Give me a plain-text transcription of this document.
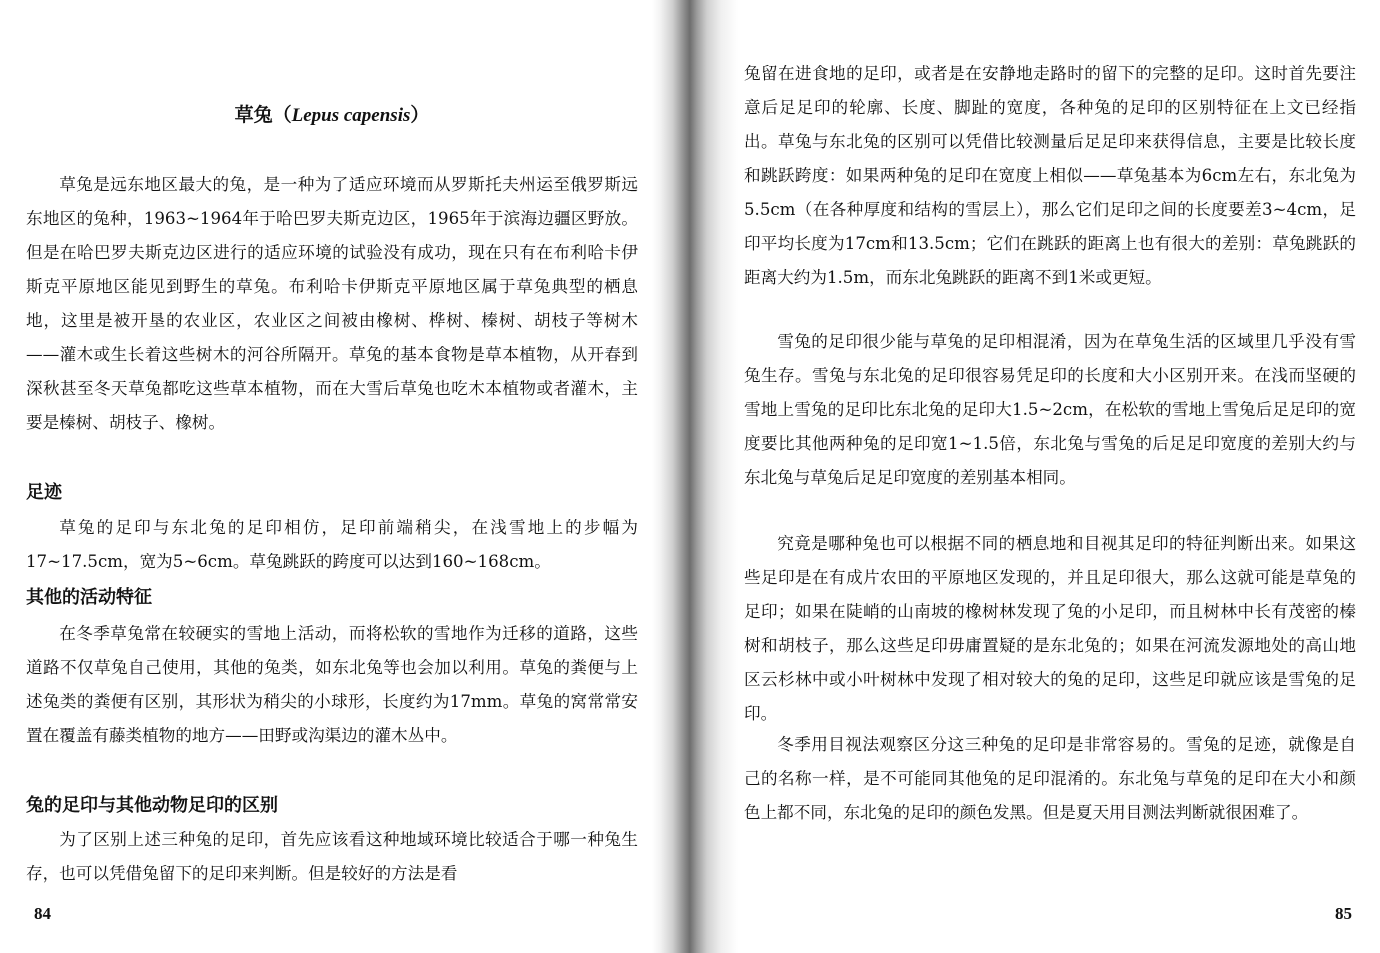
草兔（Lepus capensis）

草兔是远东地区最大的兔，是一种为了适应环境而从罗斯托夫州运至俄罗斯远东地区的兔种，1963~1964年于哈巴罗夫斯克边区，1965年于滨海边疆区野放。但是在哈巴罗夫斯克边区进行的适应环境的试验没有成功，现在只有在布利哈卡伊斯克平原地区能见到野生的草兔。布利哈卡伊斯克平原地区属于草兔典型的栖息地，这里是被开垦的农业区，农业区之间被由橡树、桦树、榛树、胡枝子等树木——灌木或生长着这些树木的河谷所隔开。草兔的基本食物是草本植物，从开春到深秋甚至冬天草兔都吃这些草本植物，而在大雪后草兔也吃木本植物或者灌木，主要是榛树、胡枝子、橡树。

足迹

草兔的足印与东北兔的足印相仿，足印前端稍尖，在浅雪地上的步幅为17~17.5cm，宽为5~6cm。草兔跳跃的跨度可以达到160~168cm。

其他的活动特征

在冬季草兔常在较硬实的雪地上活动，而将松软的雪地作为迁移的道路，这些道路不仅草兔自己使用，其他的兔类，如东北兔等也会加以利用。草兔的粪便与上述兔类的粪便有区别，其形状为稍尖的小球形，长度约为17mm。草兔的窝常常安置在覆盖有藤类植物的地方——田野或沟渠边的灌木丛中。

兔的足印与其他动物足印的区别

为了区别上述三种兔的足印，首先应该看这种地域环境比较适合于哪一种兔生存，也可以凭借兔留下的足印来判断。但是较好的方法是看

84

兔留在进食地的足印，或者是在安静地走路时的留下的完整的足印。这时首先要注意后足足印的轮廓、长度、脚趾的宽度，各种兔的足印的区别特征在上文已经指出。草兔与东北兔的区别可以凭借比较测量后足足印来获得信息，主要是比较长度和跳跃跨度：如果两种兔的足印在宽度上相似——草兔基本为6cm左右，东北兔为5.5cm（在各种厚度和结构的雪层上），那么它们足印之间的长度要差3~4cm，足印平均长度为17cm和13.5cm；它们在跳跃的距离上也有很大的差别：草兔跳跃的距离大约为1.5m，而东北兔跳跃的距离不到1米或更短。

雪兔的足印很少能与草兔的足印相混淆，因为在草兔生活的区域里几乎没有雪兔生存。雪兔与东北兔的足印很容易凭足印的长度和大小区别开来。在浅而坚硬的雪地上雪兔的足印比东北兔的足印大1.5~2cm，在松软的雪地上雪兔后足足印的宽度要比其他两种兔的足印宽1~1.5倍，东北兔与雪兔的后足足印宽度的差别大约与东北兔与草兔后足足印宽度的差别基本相同。

究竟是哪种兔也可以根据不同的栖息地和目视其足印的特征判断出来。如果这些足印是在有成片农田的平原地区发现的，并且足印很大，那么这就可能是草兔的足印；如果在陡峭的山南坡的橡树林发现了兔的小足印，而且树林中长有茂密的榛树和胡枝子，那么这些足印毋庸置疑的是东北兔的；如果在河流发源地处的高山地区云杉林中或小叶树林中发现了相对较大的兔的足印，这些足印就应该是雪兔的足印。

冬季用目视法观察区分这三种兔的足印是非常容易的。雪兔的足迹，就像是自己的名称一样，是不可能同其他兔的足印混淆的。东北兔与草兔的足印在大小和颜色上都不同，东北兔的足印的颜色发黑。但是夏天用目测法判断就很困难了。

85
